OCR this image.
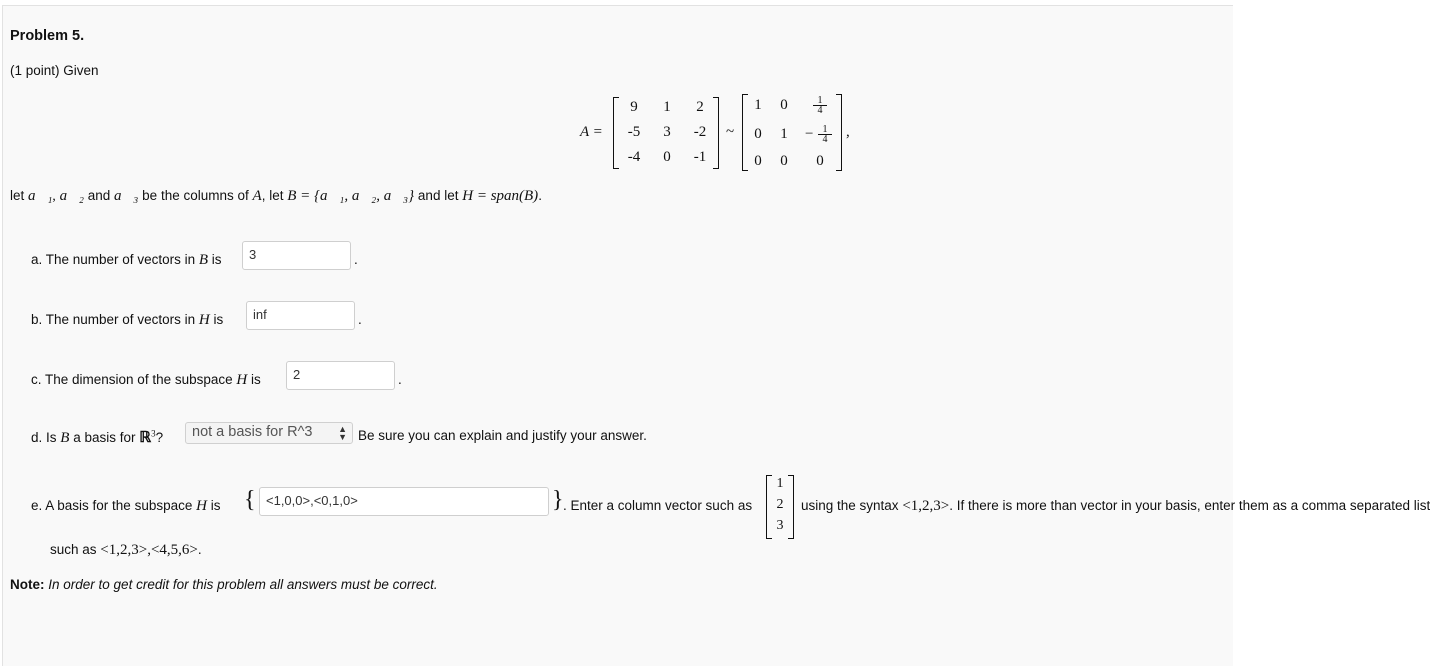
Problem 5.
(1 point) Given
A =
9	1	2
-5	3	-2
-4	0	-1
~
1	0	$\frac{1}{4}$
0	1	− $\frac{1}{4}$
0	0	0
,
let a⃗₁, a⃗₂ and a⃗₃ be the columns of A, let B = {a⃗₁, a⃗₂, a⃗₃} and let H = span(B).
a. The number of vectors in B is	3	.
b. The number of vectors in H is	inf	.
c. The dimension of the subspace H is	2	.
d. Is B a basis for ℝ$^3$?	not a basis for R^3	▲
▼ Be sure you can explain and justify your answer.
e. A basis for the subspace H is { <1,0,0>,<0,1,0>	} . Enter a column vector such as
1
2
3
using the syntax <1,2,3>. If there is more than vector in your basis, enter them as a comma separated list
such as <1,2,3>,<4,5,6>.
Note: In order to get credit for this problem all answers must be correct.
